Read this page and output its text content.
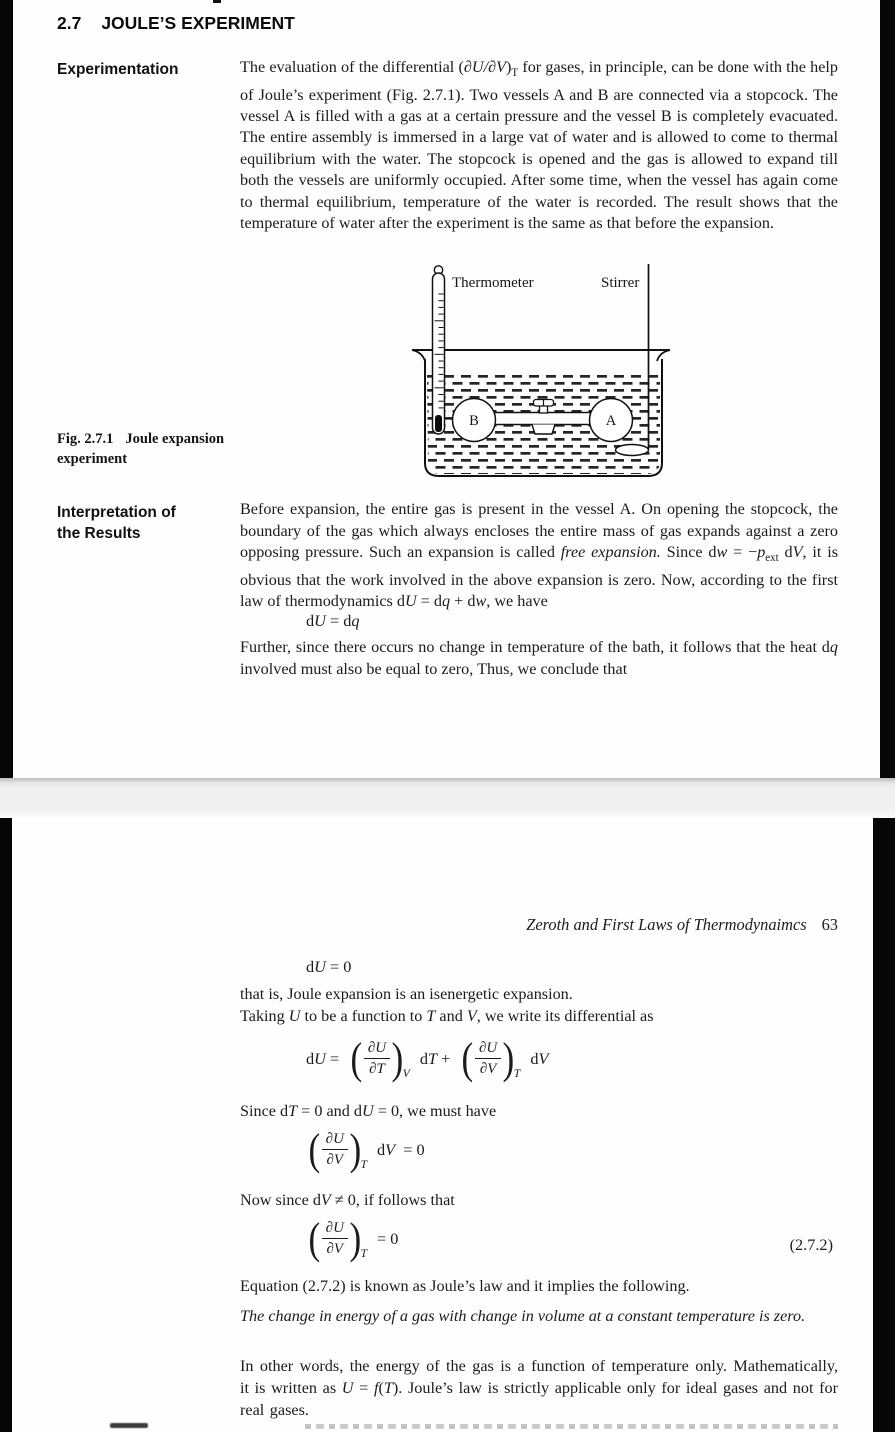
2.7 JOULE’S EXPERIMENT
Experimentation	The evaluation of the differential $(\partial U/\partial V)_T$ for gases, in principle, can be done with the help of Joule’s experiment (Fig. 2.7.1). Two vessels A and B are connected via a stopcock. The vessel A is filled with a gas at a certain pressure and the vessel B is completely evacuated. The entire assembly is immersed in a large vat of water and is allowed to come to thermal equilibrium with the water. The stopcock is opened and the gas is allowed to expand till both the vessels are uniformly occupied. After some time, when the vessel has again come to thermal equilibrium, temperature of the water is recorded. The result shows that the temperature of water after the experiment is the same as that before the expansion.
B	A
Thermometer	Stirrer
Fig. 2.7.1 Joule expansion
experiment
Interpretation of
the Results
Before expansion, the entire gas is present in the vessel A. On opening the stopcock, the boundary of the gas which always encloses the entire mass of gas expands against a zero opposing pressure. Such an expansion is called free expansion. Since dw = $-p_{ext}$ dV, it is obvious that the work involved in the above expansion is zero. Now, according to the first law of thermodynamics dU = dq + dw, we have
dU = dq
Further, since there occurs no change in temperature of the bath, it follows that the heat dq involved must also be equal to zero, Thus, we conclude that
Zeroth and First Laws of Thermodynaimcs 63
dU = 0
that is, Joule expansion is an isenergetic expansion.
Taking U to be a function to T and V, we write its differential as
dU = ( $\frac{\partial U}{\partial T}$ ) V
dT + ( $\frac{\partial U}{\partial V}$ ) T
dV
Since dT = 0 and dU = 0, we must have
( $\frac{\partial U}{\partial V}$ ) T
dV  = 0
Now since dV ≠ 0, if follows that
( $\frac{\partial U}{\partial V}$ ) T
= 0	(2.7.2)
Equation (2.7.2) is known as Joule’s law and it implies the following.
The change in energy of a gas with change in volume at a constant temperature is zero.
In other words, the energy of the gas is a function of temperature only. Mathematically, it is written as U = f(T). Joule’s law is strictly applicable only for ideal gases and not for real gases.
